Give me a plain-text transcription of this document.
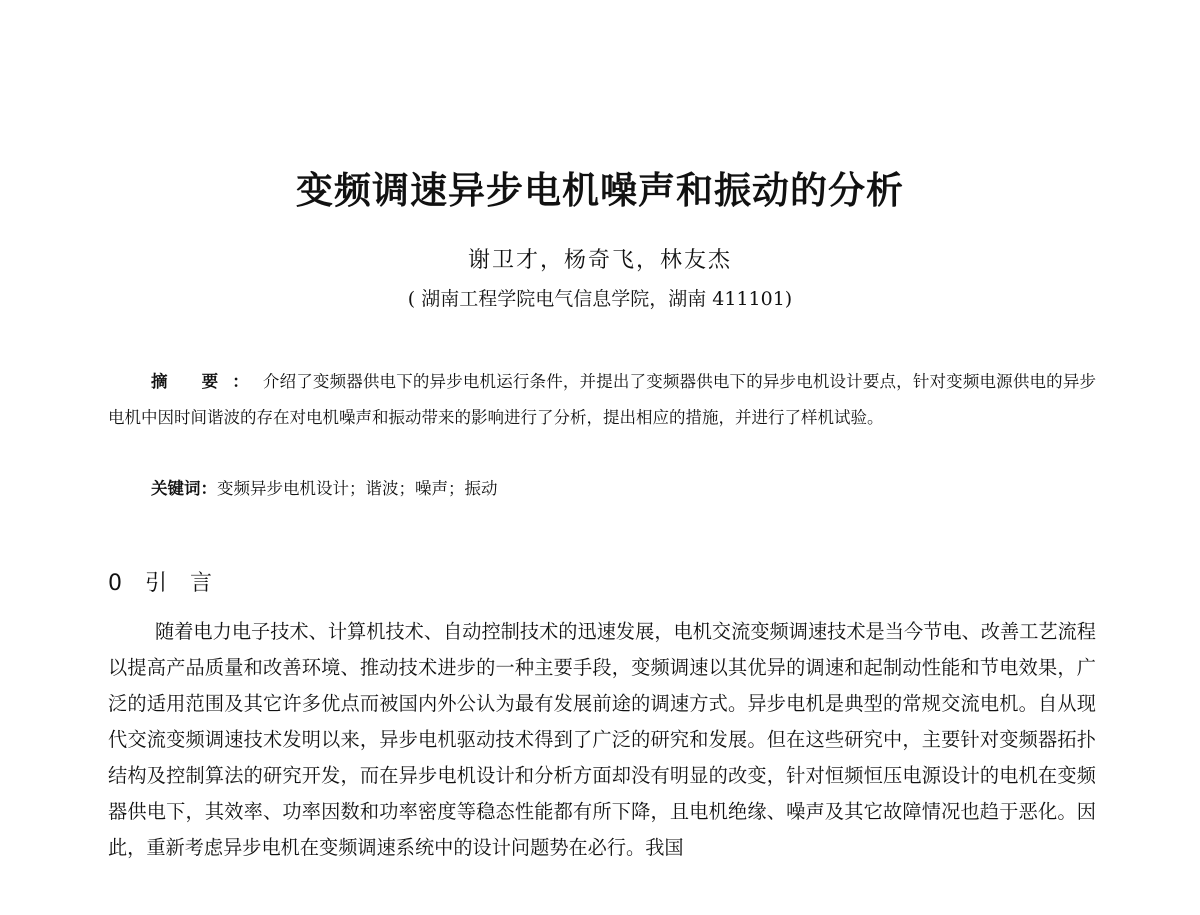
变频调速异步电机噪声和振动的分析
谢卫才，杨奇飞，林友杰
( 湖南工程学院电气信息学院，湖南 411101)
摘 要：介绍了变频器供电下的异步电机运行条件，并提出了变频器供电下的异步电机设计要点，针对变频电源供电的异步电机中因时间谐波的存在对电机噪声和振动带来的影响进行了分析，提出相应的措施，并进行了样机试验。
关键词：变频异步电机设计；谐波；噪声；振动
0 引 言

随着电力电子技术、计算机技术、自动控制技术的迅速发展，电机交流变频调速技术是当今节电、改善工艺流程以提高产品质量和改善环境、推动技术进步的一种主要手段，变频调速以其优异的调速和起制动性能和节电效果，广泛的适用范围及其它许多优点而被国内外公认为最有发展前途的调速方式。异步电机是典型的常规交流电机。自从现代交流变频调速技术发明以来，异步电机驱动技术得到了广泛的研究和发展。但在这些研究中，主要针对变频器拓扑结构及控制算法的研究开发，而在异步电机设计和分析方面却没有明显的改变，针对恒频恒压电源设计的电机在变频器供电下，其效率、功率因数和功率密度等稳态性能都有所下降，且电机绝缘、噪声及其它故障情况也趋于恶化。因此，重新考虑异步电机在变频调速系统中的设计问题势在必行。我国
